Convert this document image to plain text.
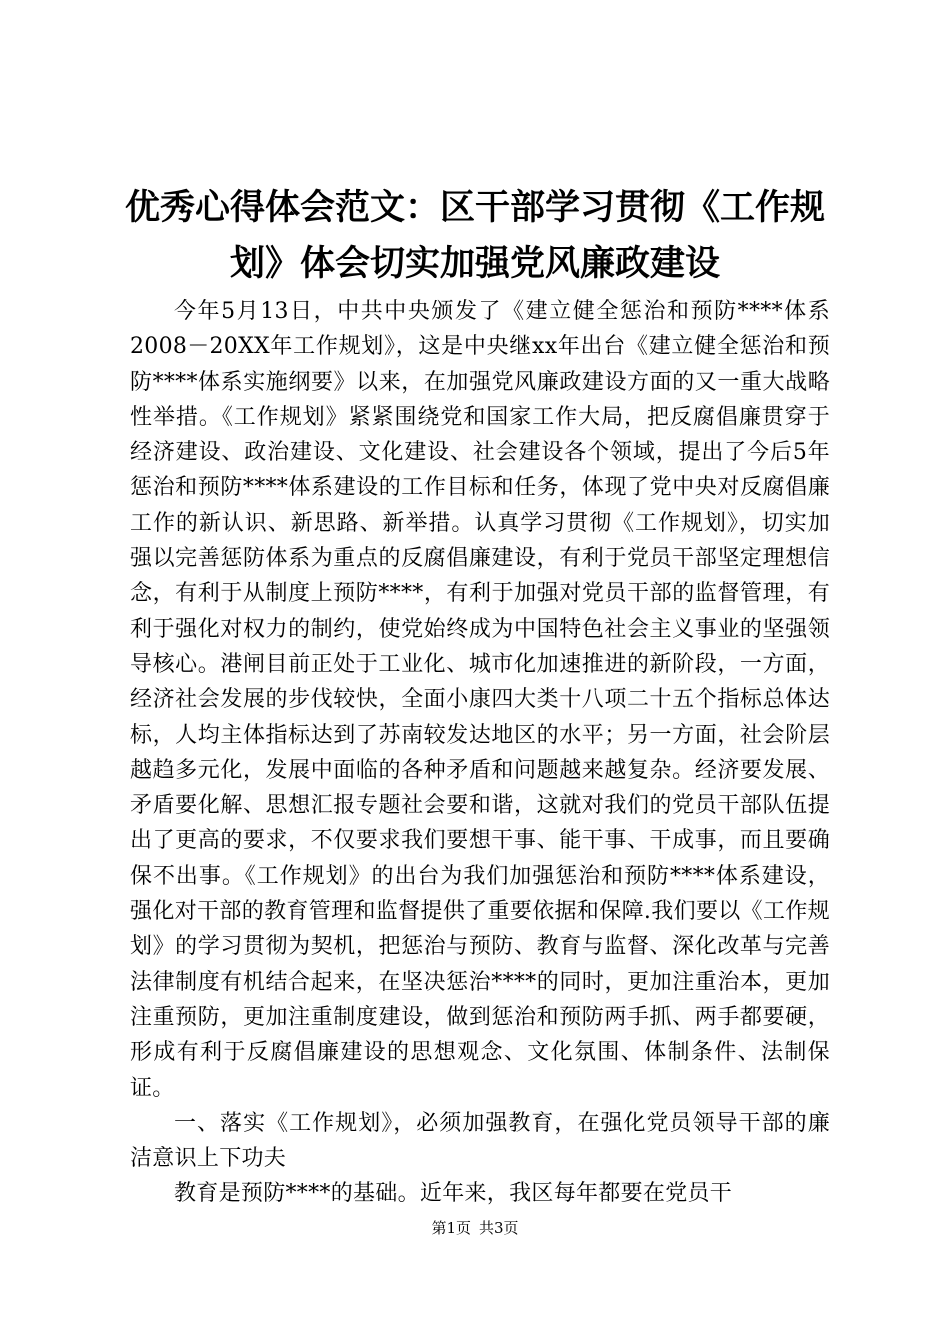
优秀心得体会范文：区干部学习贯彻《工作规
划》体会切实加强党风廉政建设

今年5月13日，中共中央颁发了《建立健全惩治和预防****体系2008－20XX年工作规划》，这是中央继xx年出台《建立健全惩治和预防****体系实施纲要》以来，在加强党风廉政建设方面的又一重大战略性举措。《工作规划》紧紧围绕党和国家工作大局，把反腐倡廉贯穿于经济建设、政治建设、文化建设、社会建设各个领域，提出了今后5年惩治和预防****体系建设的工作目标和任务，体现了党中央对反腐倡廉工作的新认识、新思路、新举措。认真学习贯彻《工作规划》，切实加强以完善惩防体系为重点的反腐倡廉建设，有利于党员干部坚定理想信念，有利于从制度上预防****，有利于加强对党员干部的监督管理，有利于强化对权力的制约，使党始终成为中国特色社会主义事业的坚强领导核心。港闸目前正处于工业化、城市化加速推进的新阶段，一方面，经济社会发展的步伐较快，全面小康四大类十八项二十五个指标总体达标，人均主体指标达到了苏南较发达地区的水平；另一方面，社会阶层越趋多元化，发展中面临的各种矛盾和问题越来越复杂。经济要发展、矛盾要化解、思想汇报专题社会要和谐，这就对我们的党员干部队伍提出了更高的要求，不仅要求我们要想干事、能干事、干成事，而且要确保不出事。《工作规划》的出台为我们加强惩治和预防****体系建设，强化对干部的教育管理和监督提供了重要依据和保障.我们要以《工作规划》的学习贯彻为契机，把惩治与预防、教育与监督、深化改革与完善法律制度有机结合起来，在坚决惩治****的同时，更加注重治本，更加注重预防，更加注重制度建设，做到惩治和预防两手抓、两手都要硬，形成有利于反腐倡廉建设的思想观念、文化氛围、体制条件、法制保证。

一、落实《工作规划》，必须加强教育，在强化党员领导干部的廉洁意识上下功夫

教育是预防****的基础。近年来，我区每年都要在党员干

第1页 共3页
